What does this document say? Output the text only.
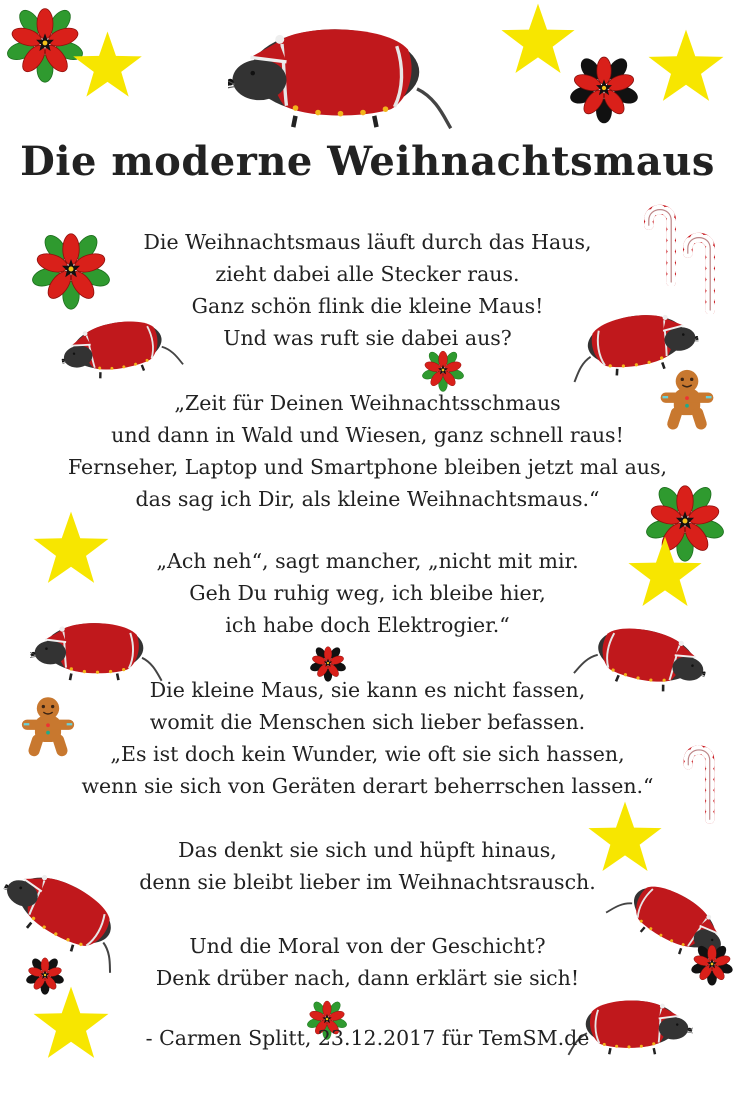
Die moderne Weihnachtsmaus
Die Weihnachtsmaus läuft durch das Haus,
zieht dabei alle Stecker raus.
Ganz schön flink die kleine Maus!
Und was ruft sie dabei aus?
„Zeit für Deinen Weihnachtsschmaus
und dann in Wald und Wiesen, ganz schnell raus!
Fernseher, Laptop und Smartphone bleiben jetzt mal aus,
das sag ich Dir, als kleine Weihnachtsmaus.“
„Ach neh“, sagt mancher, „nicht mit mir.
Geh Du ruhig weg, ich bleibe hier,
ich habe doch Elektrogier.“
Die kleine Maus, sie kann es nicht fassen,
womit die Menschen sich lieber befassen.
„Es ist doch kein Wunder, wie oft sie sich hassen,
wenn sie sich von Geräten derart beherrschen lassen.“
Das denkt sie sich und hüpft hinaus,
denn sie bleibt lieber im Weihnachtsrausch.
Und die Moral von der Geschicht?
Denk drüber nach, dann erklärt sie sich!
- Carmen Splitt, 23.12.2017 für TemSM.de
